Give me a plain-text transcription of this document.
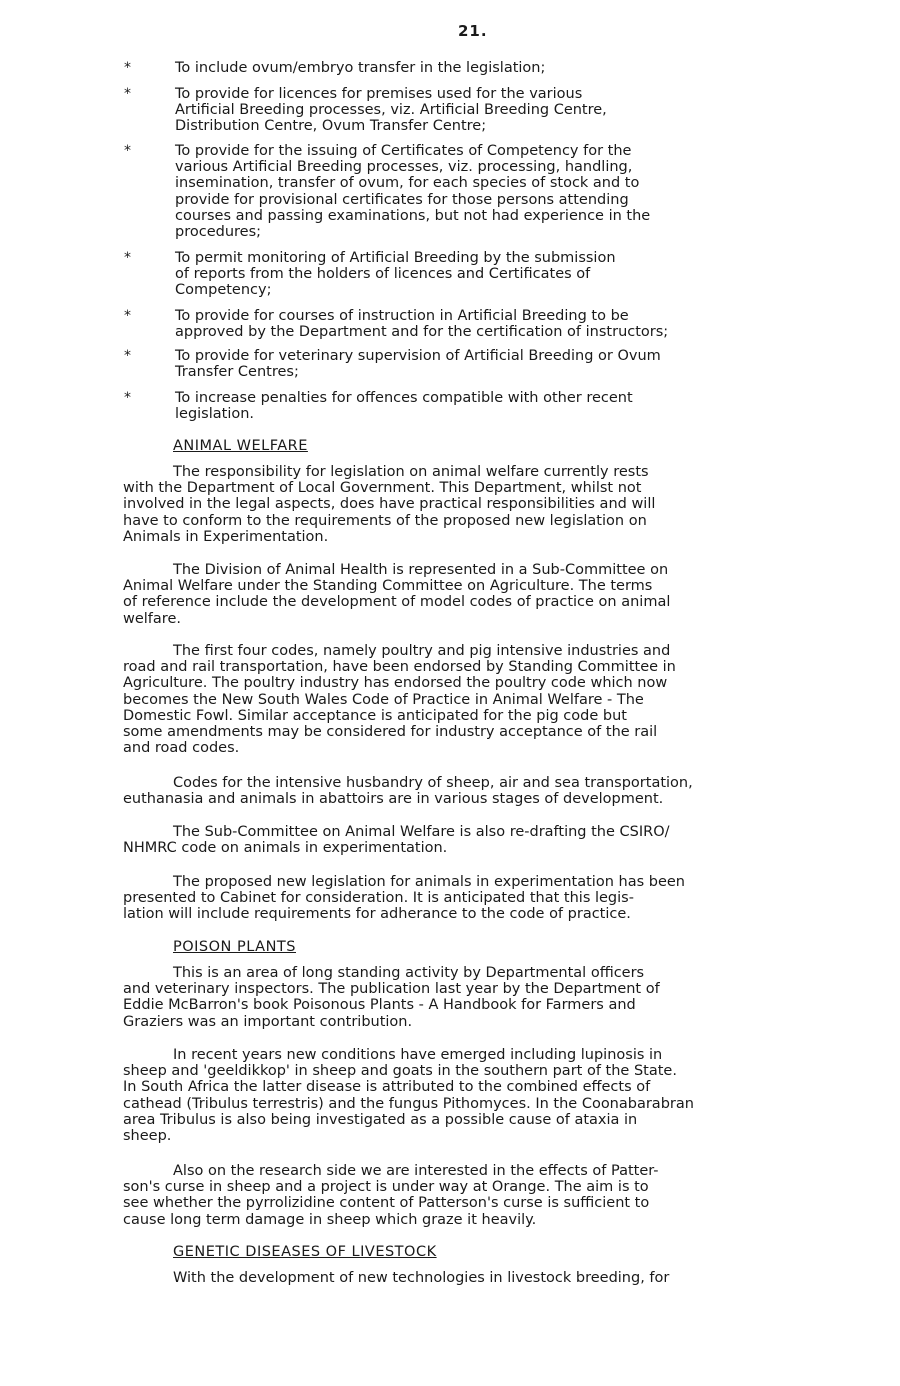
21.
*	To include ovum/embryo transfer in the legislation;

*	To provide for licences for premises used for the various
Artificial Breeding processes, viz. Artificial Breeding Centre,
Distribution Centre, Ovum Transfer Centre;

*	To provide for the issuing of Certificates of Competency for the
various Artificial Breeding processes, viz. processing, handling,
insemination, transfer of ovum, for each species of stock and to
provide for provisional certificates for those persons attending
courses and passing examinations, but not had experience in the
procedures;

*	To permit monitoring of Artificial Breeding by the submission
of reports from the holders of licences and Certificates of
Competency;

*	To provide for courses of instruction in Artificial Breeding to be
approved by the Department and for the certification of instructors;

*	To provide for veterinary supervision of Artificial Breeding or Ovum
Transfer Centres;

*	To increase penalties for offences compatible with other recent
legislation.

ANIMAL WELFARE

The responsibility for legislation on animal welfare currently rests
with the Department of Local Government. This Department, whilst not
involved in the legal aspects, does have practical responsibilities and will
have to conform to the requirements of the proposed new legislation on
Animals in Experimentation.

The Division of Animal Health is represented in a Sub-Committee on
Animal Welfare under the Standing Committee on Agriculture. The terms
of reference include the development of model codes of practice on animal
welfare.

The first four codes, namely poultry and pig intensive industries and
road and rail transportation, have been endorsed by Standing Committee in
Agriculture. The poultry industry has endorsed the poultry code which now
becomes the New South Wales Code of Practice in Animal Welfare - The
Domestic Fowl. Similar acceptance is anticipated for the pig code but
some amendments may be considered for industry acceptance of the rail
and road codes.

Codes for the intensive husbandry of sheep, air and sea transportation,
euthanasia and animals in abattoirs are in various stages of development.

The Sub-Committee on Animal Welfare is also re-drafting the CSIRO/
NHMRC code on animals in experimentation.

The proposed new legislation for animals in experimentation has been
presented to Cabinet for consideration. It is anticipated that this legis-
lation will include requirements for adherance to the code of practice.

POISON PLANTS

This is an area of long standing activity by Departmental officers
and veterinary inspectors. The publication last year by the Department of
Eddie McBarron's book Poisonous Plants - A Handbook for Farmers and
Graziers was an important contribution.

In recent years new conditions have emerged including lupinosis in
sheep and 'geeldikkop' in sheep and goats in the southern part of the State.
In South Africa the latter disease is attributed to the combined effects of
cathead (Tribulus terrestris) and the fungus Pithomyces. In the Coonabarabran
area Tribulus is also being investigated as a possible cause of ataxia in
sheep.

Also on the research side we are interested in the effects of Patter-
son's curse in sheep and a project is under way at Orange. The aim is to
see whether the pyrrolizidine content of Patterson's curse is sufficient to
cause long term damage in sheep which graze it heavily.

GENETIC DISEASES OF LIVESTOCK

With the development of new technologies in livestock breeding, for
